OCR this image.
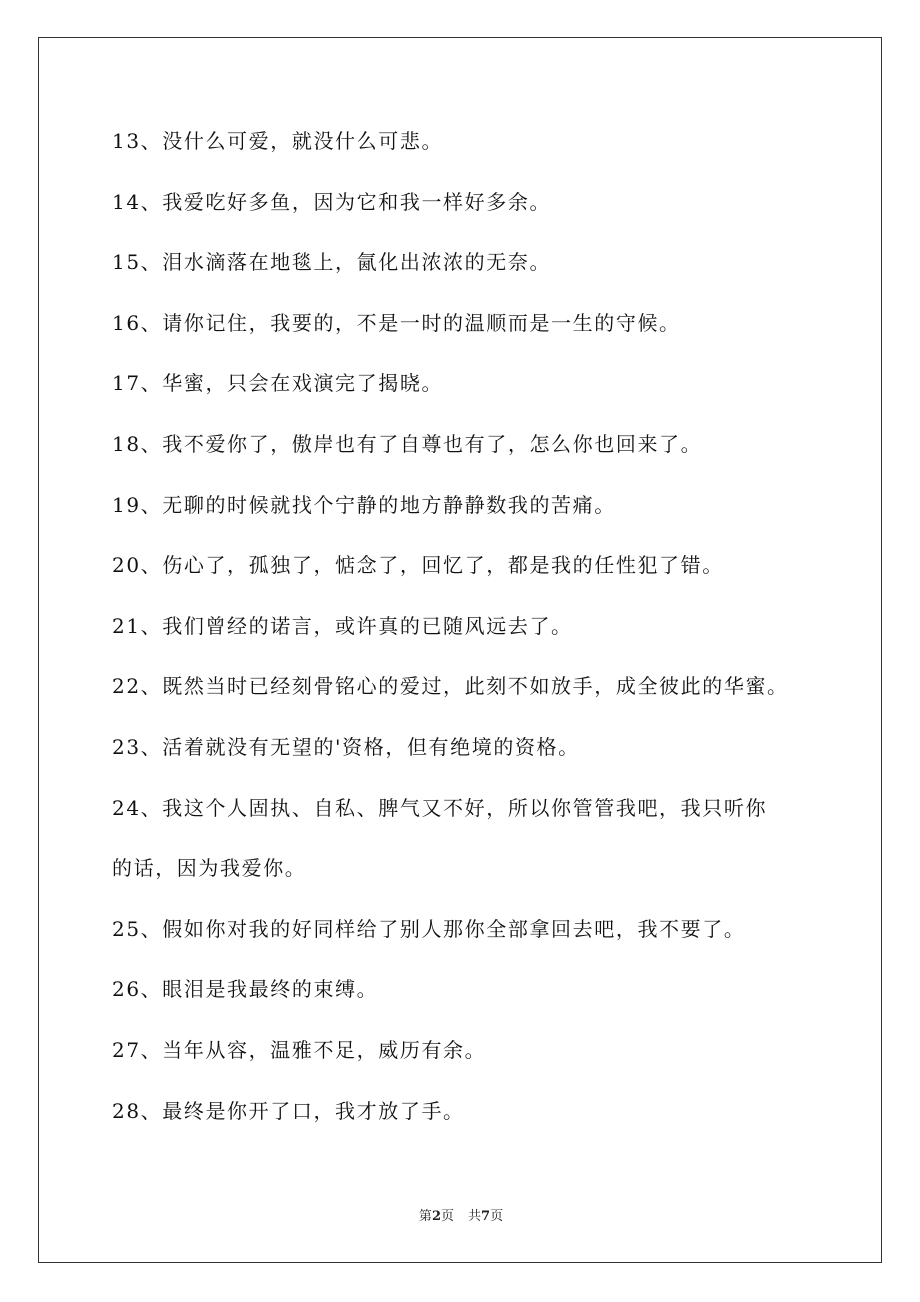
13、没什么可爱，就没什么可悲。
14、我爱吃好多鱼，因为它和我一样好多余。
15、泪水滴落在地毯上，氤化出浓浓的无奈。
16、请你记住，我要的，不是一时的温顺而是一生的守候。
17、华蜜，只会在戏演完了揭晓。
18、我不爱你了，傲岸也有了自尊也有了，怎么你也回来了。
19、无聊的时候就找个宁静的地方静静数我的苦痛。
20、伤心了，孤独了，惦念了，回忆了，都是我的任性犯了错。
21、我们曾经的诺言，或许真的已随风远去了。
22、既然当时已经刻骨铭心的爱过，此刻不如放手，成全彼此的华蜜。
23、活着就没有无望的'资格，但有绝境的资格。
24、我这个人固执、自私、脾气又不好，所以你管管我吧，我只听你
的话，因为我爱你。
25、假如你对我的好同样给了别人那你全部拿回去吧，我不要了。
26、眼泪是我最终的束缚。
27、当年从容，温雅不足，威历有余。
28、最终是你开了口，我才放了手。
第2页 共7页
